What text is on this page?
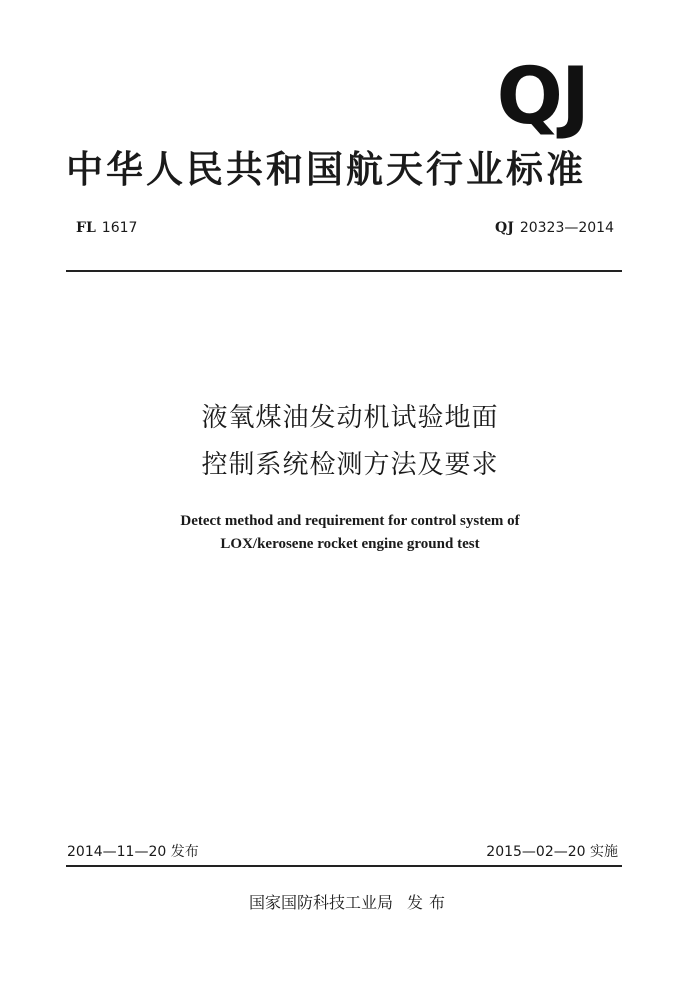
QJ
中华人民共和国航天行业标准
FL 1617	QJ 20323—2014
液氧煤油发动机试验地面
控制系统检测方法及要求
Detect method and requirement for control system of
LOX/kerosene rocket engine ground test
2014—11—20 发布	2015—02—20 实施
国家国防科技工业局 发布
